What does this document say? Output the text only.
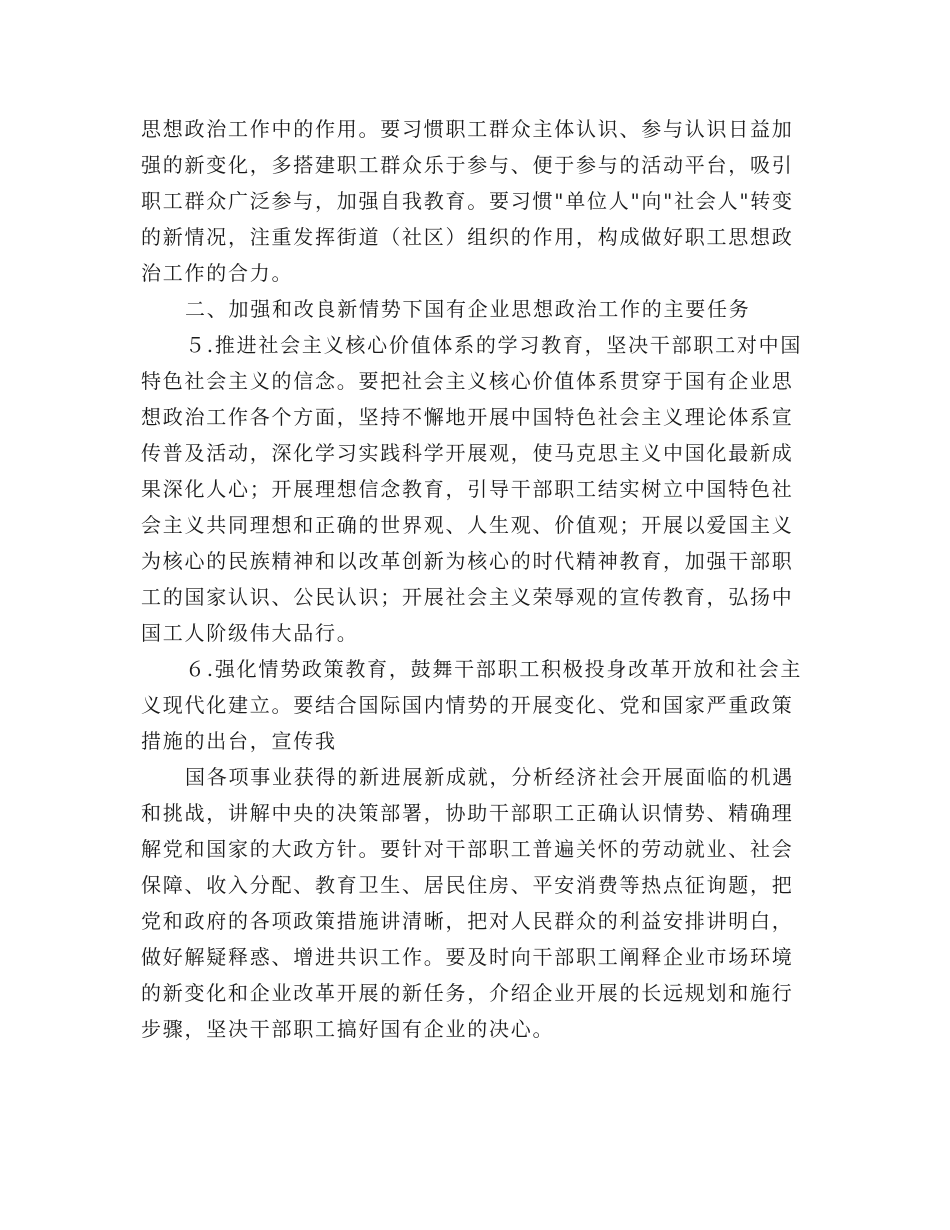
思想政治工作中的作用。要习惯职工群众主体认识、参与认识日益加
强的新变化，多搭建职工群众乐于参与、便于参与的活动平台，吸引
职工群众广泛参与，加强自我教育。要习惯"单位人"向"社会人"转变
的新情况，注重发挥街道（社区）组织的作用，构成做好职工思想政
治工作的合力。
二、加强和改良新情势下国有企业思想政治工作的主要任务
５.推进社会主义核心价值体系的学习教育，坚决干部职工对中国
特色社会主义的信念。要把社会主义核心价值体系贯穿于国有企业思
想政治工作各个方面，坚持不懈地开展中国特色社会主义理论体系宣
传普及活动，深化学习实践科学开展观，使马克思主义中国化最新成
果深化人心；开展理想信念教育，引导干部职工结实树立中国特色社
会主义共同理想和正确的世界观、人生观、价值观；开展以爱国主义
为核心的民族精神和以改革创新为核心的时代精神教育，加强干部职
工的国家认识、公民认识；开展社会主义荣辱观的宣传教育，弘扬中
国工人阶级伟大品行。
６.强化情势政策教育，鼓舞干部职工积极投身改革开放和社会主
义现代化建立。要结合国际国内情势的开展变化、党和国家严重政策
措施的出台，宣传我
国各项事业获得的新进展新成就，分析经济社会开展面临的机遇
和挑战，讲解中央的决策部署，协助干部职工正确认识情势、精确理
解党和国家的大政方针。要针对干部职工普遍关怀的劳动就业、社会
保障、收入分配、教育卫生、居民住房、平安消费等热点征询题，把
党和政府的各项政策措施讲清晰，把对人民群众的利益安排讲明白，
做好解疑释惑、增进共识工作。要及时向干部职工阐释企业市场环境
的新变化和企业改革开展的新任务，介绍企业开展的长远规划和施行
步骤，坚决干部职工搞好国有企业的决心。
